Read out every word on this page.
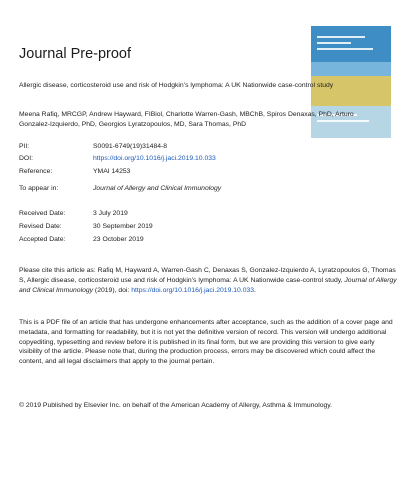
Journal Pre-proof
Allergic disease, corticosteroid use and risk of Hodgkin’s lymphoma: A UK Nationwide case-control study
Meena Rafiq, MRCGP, Andrew Hayward, FIBiol, Charlotte Warren-Gash, MBChB, Spiros Denaxas, PhD, Arturo Gonzalez-Izquierdo, PhD, Georgios Lyratzopoulos, MD, Sara Thomas, PhD
PII:	S0091-6749(19)31484-8
DOI:	https://doi.org/10.1016/j.jaci.2019.10.033
Reference:	YMAI 14253
To appear in:	Journal of Allergy and Clinical Immunology
Received Date:	3 July 2019
Revised Date:	30 September 2019
Accepted Date:	23 October 2019
Please cite this article as: Rafiq M, Hayward A, Warren-Gash C, Denaxas S, Gonzalez-Izquierdo A, Lyratzopoulos G, Thomas S, Allergic disease, corticosteroid use and risk of Hodgkin’s lymphoma: A UK Nationwide case-control study, Journal of Allergy and Clinical Immunology (2019), doi: https://doi.org/10.1016/j.jaci.2019.10.033.
This is a PDF file of an article that has undergone enhancements after acceptance, such as the addition of a cover page and metadata, and formatting for readability, but it is not yet the definitive version of record. This version will undergo additional copyediting, typesetting and review before it is published in its final form, but we are providing this version to give early visibility of the article. Please note that, during the production process, errors may be discovered which could affect the content, and all legal disclaimers that apply to the journal pertain.
© 2019 Published by Elsevier Inc. on behalf of the American Academy of Allergy, Asthma & Immunology.
